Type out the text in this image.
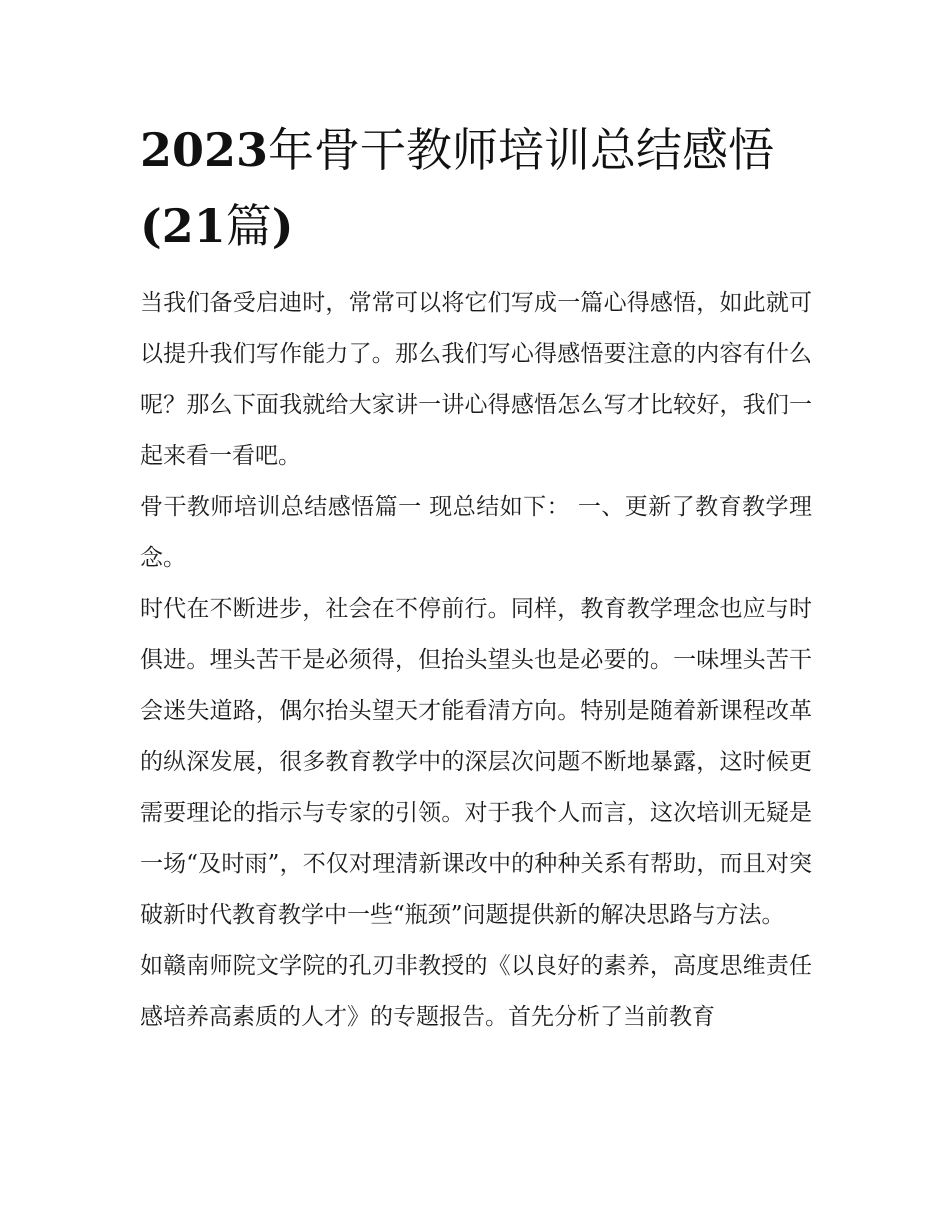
2023年骨干教师培训总结感悟
(21篇)

当我们备受启迪时，常常可以将它们写成一篇心得感悟，如此就可以提升我们写作能力了。那么我们写心得感悟要注意的内容有什么呢？那么下面我就给大家讲一讲心得感悟怎么写才比较好，我们一起来看一看吧。

骨干教师培训总结感悟篇一 现总结如下： 一、更新了教育教学理念。

时代在不断进步，社会在不停前行。同样，教育教学理念也应与时俱进。埋头苦干是必须得，但抬头望头也是必要的。一味埋头苦干会迷失道路，偶尔抬头望天才能看清方向。特别是随着新课程改革的纵深发展，很多教育教学中的深层次问题不断地暴露，这时候更需要理论的指示与专家的引领。对于我个人而言，这次培训无疑是一场“及时雨”，不仅对理清新课改中的种种关系有帮助，而且对突破新时代教育教学中一些“瓶颈”问题提供新的解决思路与方法。

如赣南师院文学院的孔刃非教授的《以良好的素养，高度思维责任感培养高素质的人才》的专题报告。首先分析了当前教育
